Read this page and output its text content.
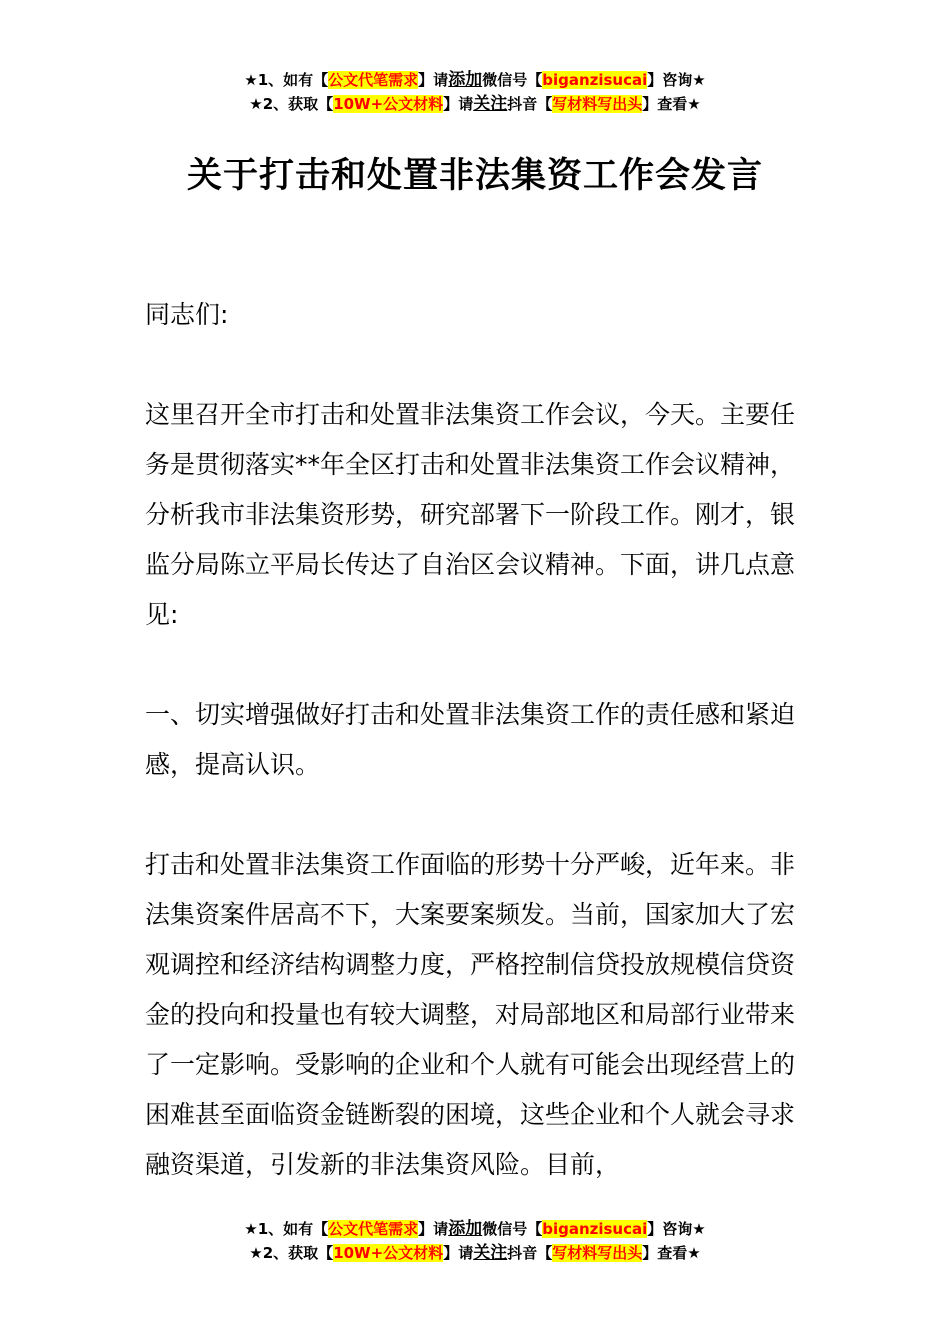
★1、如有【公文代笔需求】请添加微信号【biganzisucai】咨询★
★2、获取【10W+公文材料】请关注抖音【写材料写出头】查看★
关于打击和处置非法集资工作会发言

同志们:

这里召开全市打击和处置非法集资工作会议，今天。主要任务是贯彻落实**年全区打击和处置非法集资工作会议精神，分析我市非法集资形势，研究部署下一阶段工作。刚才，银监分局陈立平局长传达了自治区会议精神。下面，讲几点意见:

一、切实增强做好打击和处置非法集资工作的责任感和紧迫感，提高认识。

打击和处置非法集资工作面临的形势十分严峻，近年来。非法集资案件居高不下，大案要案频发。当前，国家加大了宏观调控和经济结构调整力度，严格控制信贷投放规模信贷资金的投向和投量也有较大调整，对局部地区和局部行业带来了一定影响。受影响的企业和个人就有可能会出现经营上的困难甚至面临资金链断裂的困境，这些企业和个人就会寻求融资渠道，引发新的非法集资风险。目前，

★1、如有【公文代笔需求】请添加微信号【biganzisucai】咨询★
★2、获取【10W+公文材料】请关注抖音【写材料写出头】查看★
